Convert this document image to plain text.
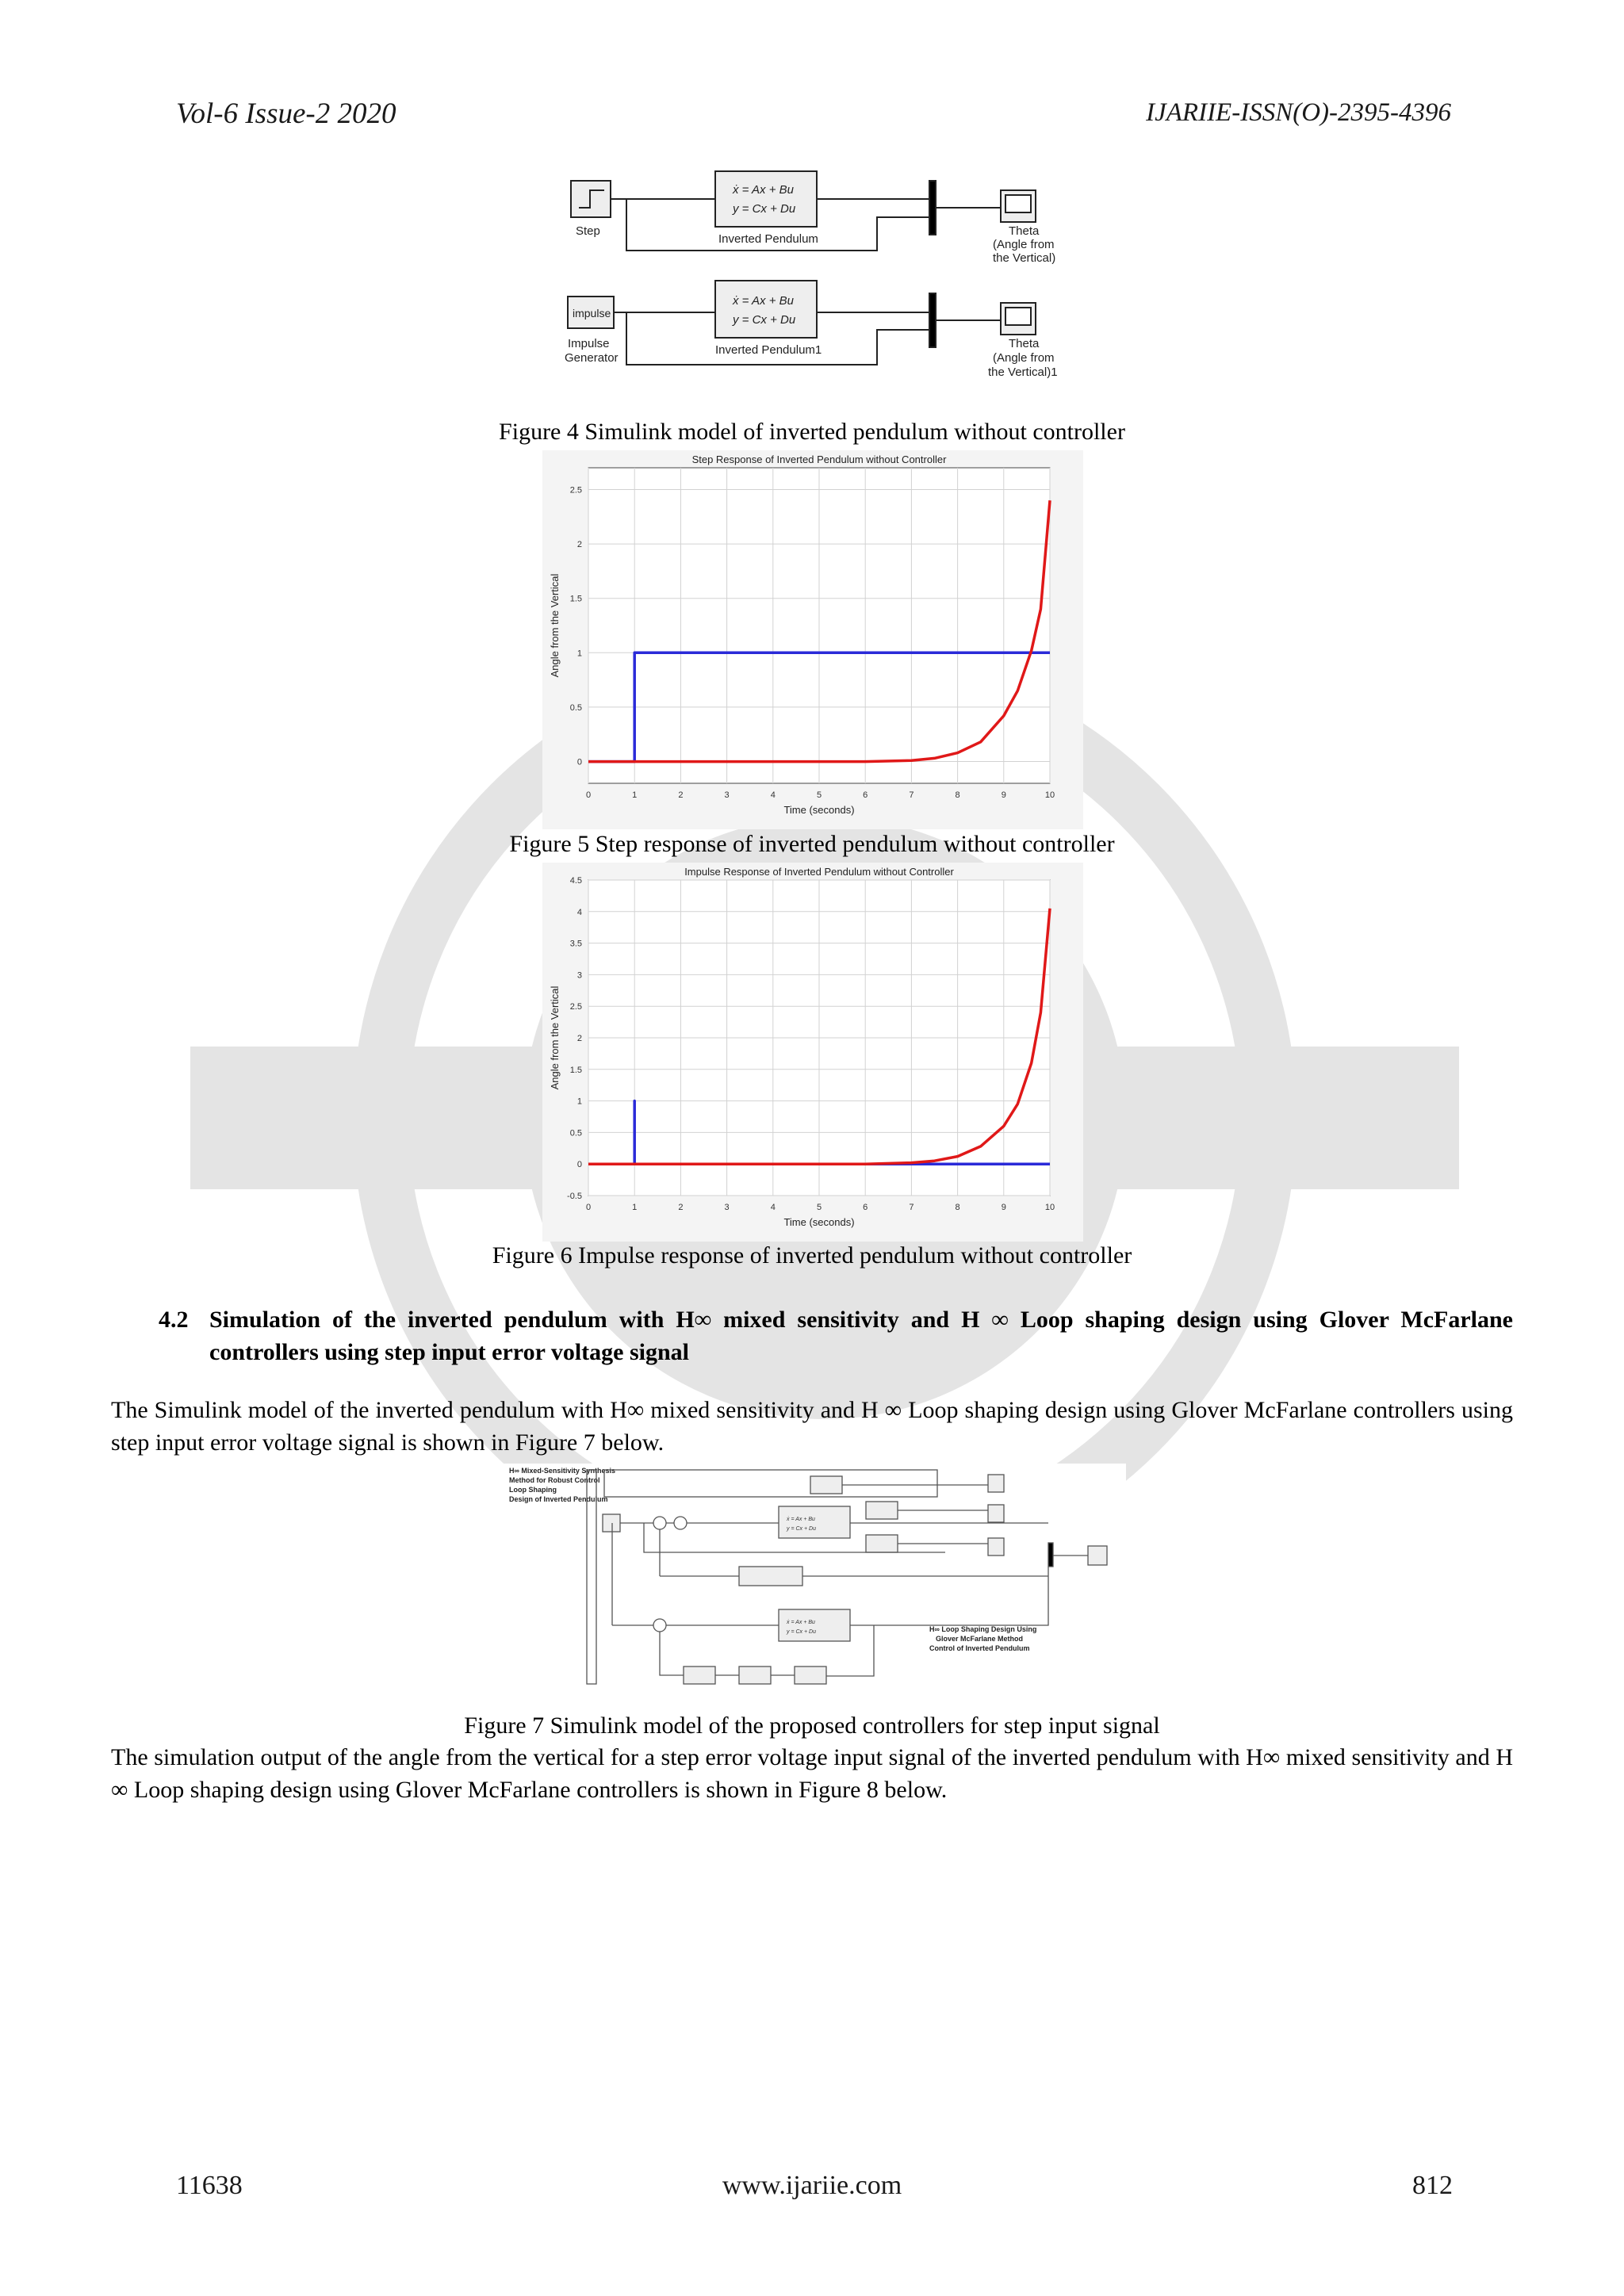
Vol-6 Issue-2 2020	IJARIIE-ISSN(O)-2395-4396
ẋ = Ax + Bu
y = Cx + Du
ẋ = Ax + Bu
y = Cx + Du
Step
impulse
Impulse
Generator
Inverted Pendulum
Inverted Pendulum1
Theta
(Angle from
the Vertical)
Theta
(Angle from
the Vertical)1
Figure 4 Simulink model of inverted pendulum without controller
Step Response of Inverted Pendulum without Controller
0	1	2	3	4	5	6	7	8	9	10
0
0.5
1
1.5
2
2.5
Time (seconds)
Angle from the Vertical
Figure 5 Step response of inverted pendulum without controller
Impulse Response of Inverted Pendulum without Controller
0	1	2	3	4	5	6	7	8	9	10
-0.5
0
0.5
1
1.5
2
2.5
3
3.5
4
4.5
Time (seconds)
Angle from the Vertical
Figure 6 Impulse response of inverted pendulum without controller
4.2 Simulation of the inverted pendulum with H∞ mixed sensitivity and H ∞ Loop shaping design using Glover McFarlane controllers using step input error voltage signal
The Simulink model of the inverted pendulum with H∞ mixed sensitivity and H ∞ Loop shaping design using Glover McFarlane controllers using step input error voltage signal is shown in Figure 7 below.
H∞ Mixed-Sensitivity Synthesis
Method for Robust Control
Loop Shaping
Design of Inverted Pendulum
H∞ Loop Shaping Design Using
Glover McFarlane Method
Control of Inverted Pendulum
ẋ = Ax + Bu
y = Cx + Du
ẋ = Ax + Bu
y = Cx + Du
Figure 7 Simulink model of the proposed controllers for step input signal
The simulation output of the angle from the vertical for a step error voltage input signal of the inverted pendulum with H∞ mixed sensitivity and H ∞ Loop shaping design using Glover McFarlane controllers is shown in Figure 8 below.
11638	www.ijariie.com	812
